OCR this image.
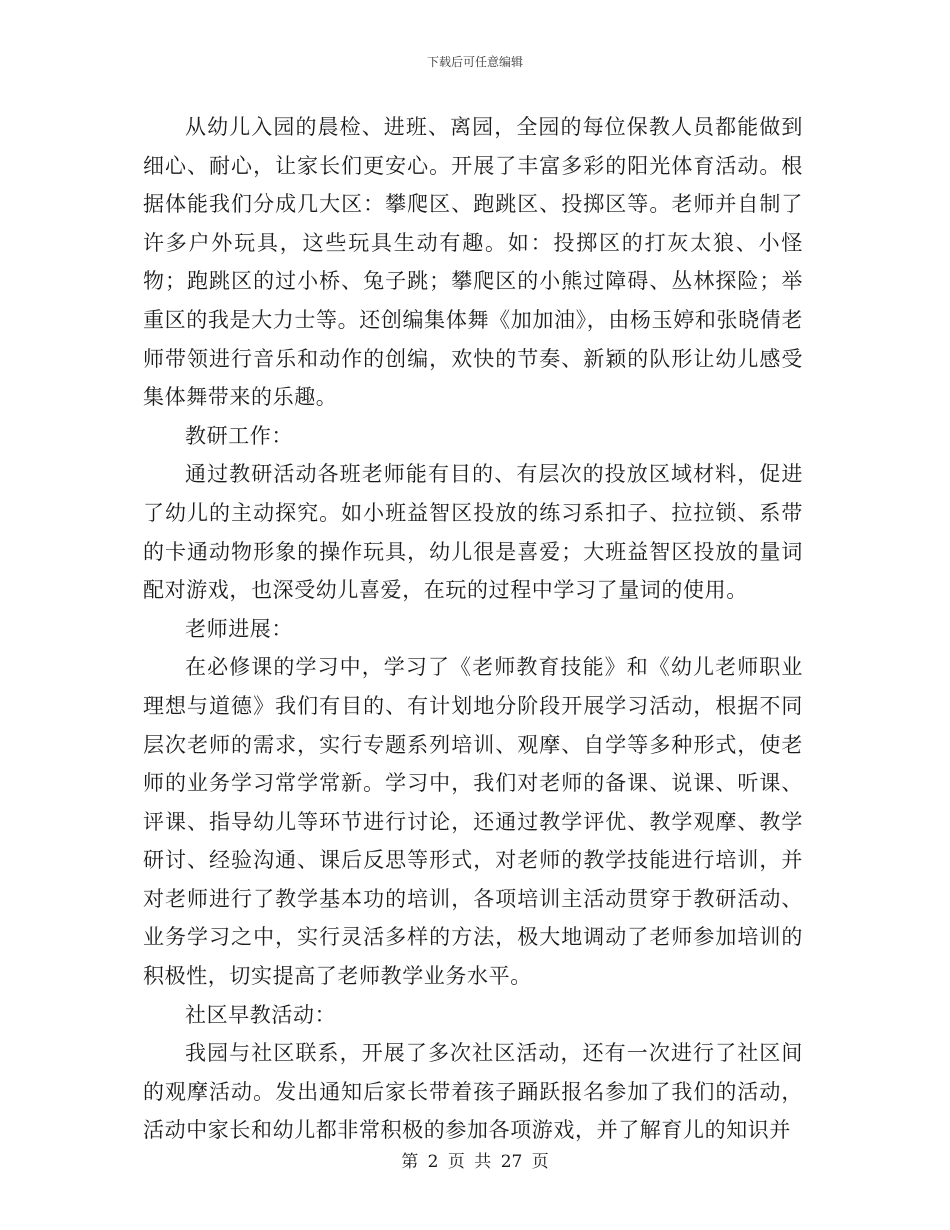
下载后可任意编辑

从幼儿入园的晨检、进班、离园，全园的每位保教人员都能做到细心、耐心，让家长们更安心。开展了丰富多彩的阳光体育活动。根据体能我们分成几大区：攀爬区、跑跳区、投掷区等。老师并自制了许多户外玩具，这些玩具生动有趣。如：投掷区的打灰太狼、小怪物；跑跳区的过小桥、兔子跳；攀爬区的小熊过障碍、丛林探险；举重区的我是大力士等。还创编集体舞《加加油》，由杨玉婷和张晓倩老师带领进行音乐和动作的创编，欢快的节奏、新颖的队形让幼儿感受集体舞带来的乐趣。

教研工作：

通过教研活动各班老师能有目的、有层次的投放区域材料，促进了幼儿的主动探究。如小班益智区投放的练习系扣子、拉拉锁、系带的卡通动物形象的操作玩具，幼儿很是喜爱；大班益智区投放的量词配对游戏，也深受幼儿喜爱，在玩的过程中学习了量词的使用。

老师进展：

在必修课的学习中，学习了《老师教育技能》和《幼儿老师职业理想与道德》我们有目的、有计划地分阶段开展学习活动，根据不同层次老师的需求，实行专题系列培训、观摩、自学等多种形式，使老师的业务学习常学常新。学习中，我们对老师的备课、说课、听课、评课、指导幼儿等环节进行讨论，还通过教学评优、教学观摩、教学研讨、经验沟通、课后反思等形式，对老师的教学技能进行培训，并对老师进行了教学基本功的培训，各项培训主活动贯穿于教研活动、业务学习之中，实行灵活多样的方法，极大地调动了老师参加培训的积极性，切实提高了老师教学业务水平。

社区早教活动：

我园与社区联系，开展了多次社区活动，还有一次进行了社区间的观摩活动。发出通知后家长带着孩子踊跃报名参加了我们的活动，活动中家长和幼儿都非常积极的参加各项游戏，并了解育儿的知识并

第 2 页 共 27 页
